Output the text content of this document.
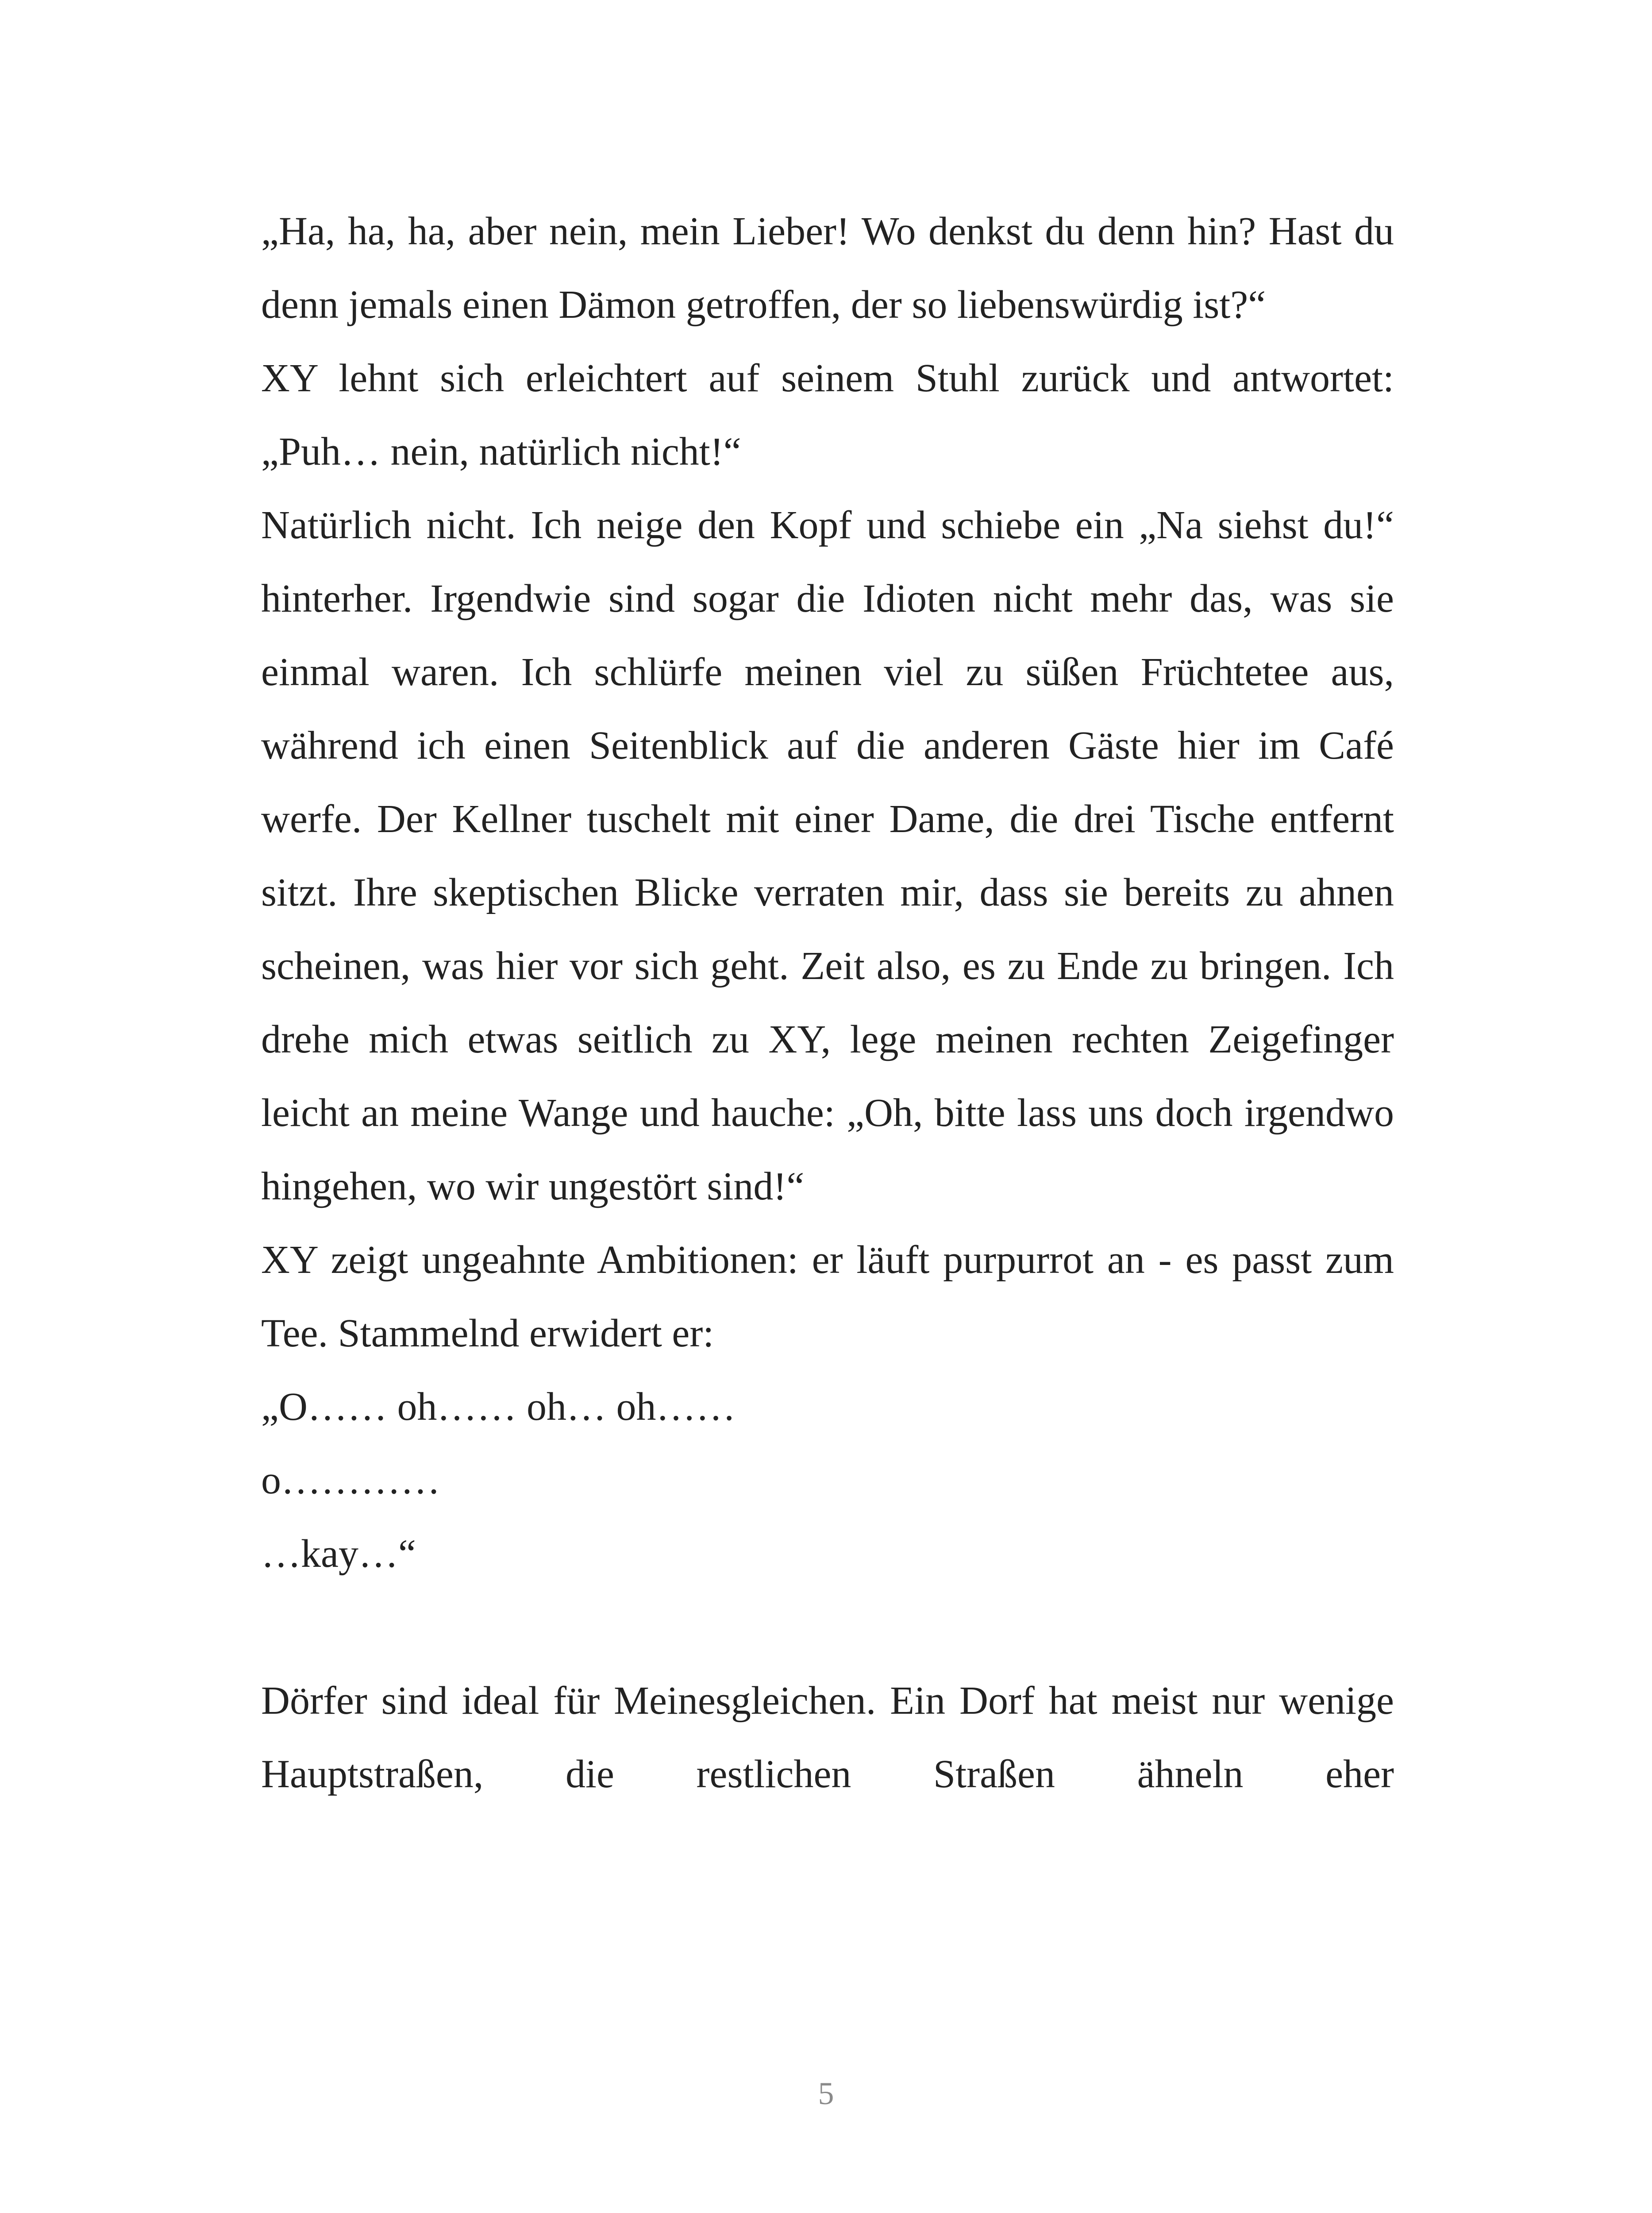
„Ha, ha, ha, aber nein, mein Lieber! Wo denkst du denn hin? Hast du denn jemals einen Dämon getroffen, der so liebenswürdig ist?“

XY lehnt sich erleichtert auf seinem Stuhl zurück und antwortet: „Puh… nein, natürlich nicht!“

Natürlich nicht. Ich neige den Kopf und schiebe ein „Na siehst du!“ hinterher. Irgendwie sind sogar die Idioten nicht mehr das, was sie einmal waren. Ich schlürfe meinen viel zu süßen Früchtetee aus, während ich einen Seitenblick auf die anderen Gäste hier im Café werfe. Der Kellner tuschelt mit einer Dame, die drei Tische entfernt sitzt. Ihre skeptischen Blicke verraten mir, dass sie bereits zu ahnen scheinen, was hier vor sich geht. Zeit also, es zu Ende zu bringen. Ich drehe mich etwas seitlich zu XY, lege meinen rechten Zeigefinger leicht an meine Wange und hauche: „Oh, bitte lass uns doch irgendwo hingehen, wo wir ungestört sind!“

XY zeigt ungeahnte Ambitionen: er läuft purpurrot an - es passt zum Tee. Stammelnd erwidert er:

„O…… oh…… oh… oh……

o…………

…kay…“

Dörfer sind ideal für Meinesgleichen. Ein Dorf hat meist nur wenige Hauptstraßen, die restlichen Straßen ähneln eher

5
